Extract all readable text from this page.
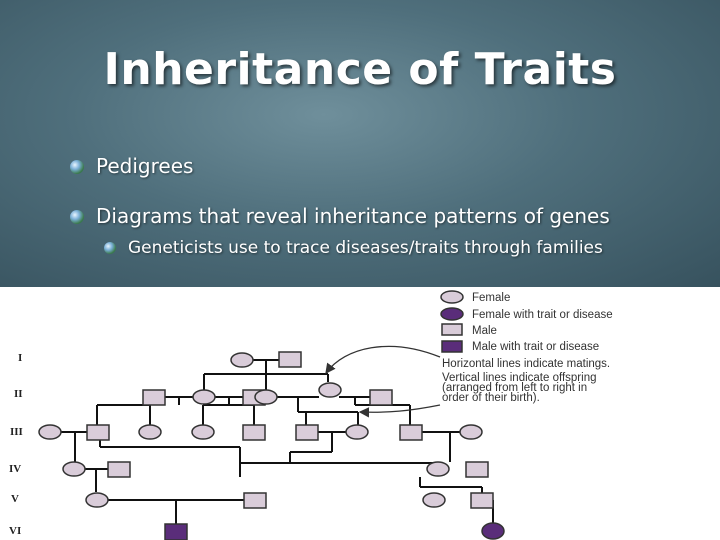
Inheritance of Traits
Pedigrees
Diagrams that reveal inheritance patterns of genes
Geneticists use to trace diseases/traits through families
I
II
III
IV
V
VI
Female
Female with trait or disease
Male
Male with trait or disease
Horizontal lines indicate matings.
Vertical lines indicate offspring
(arranged from left to right in
order of their birth).
